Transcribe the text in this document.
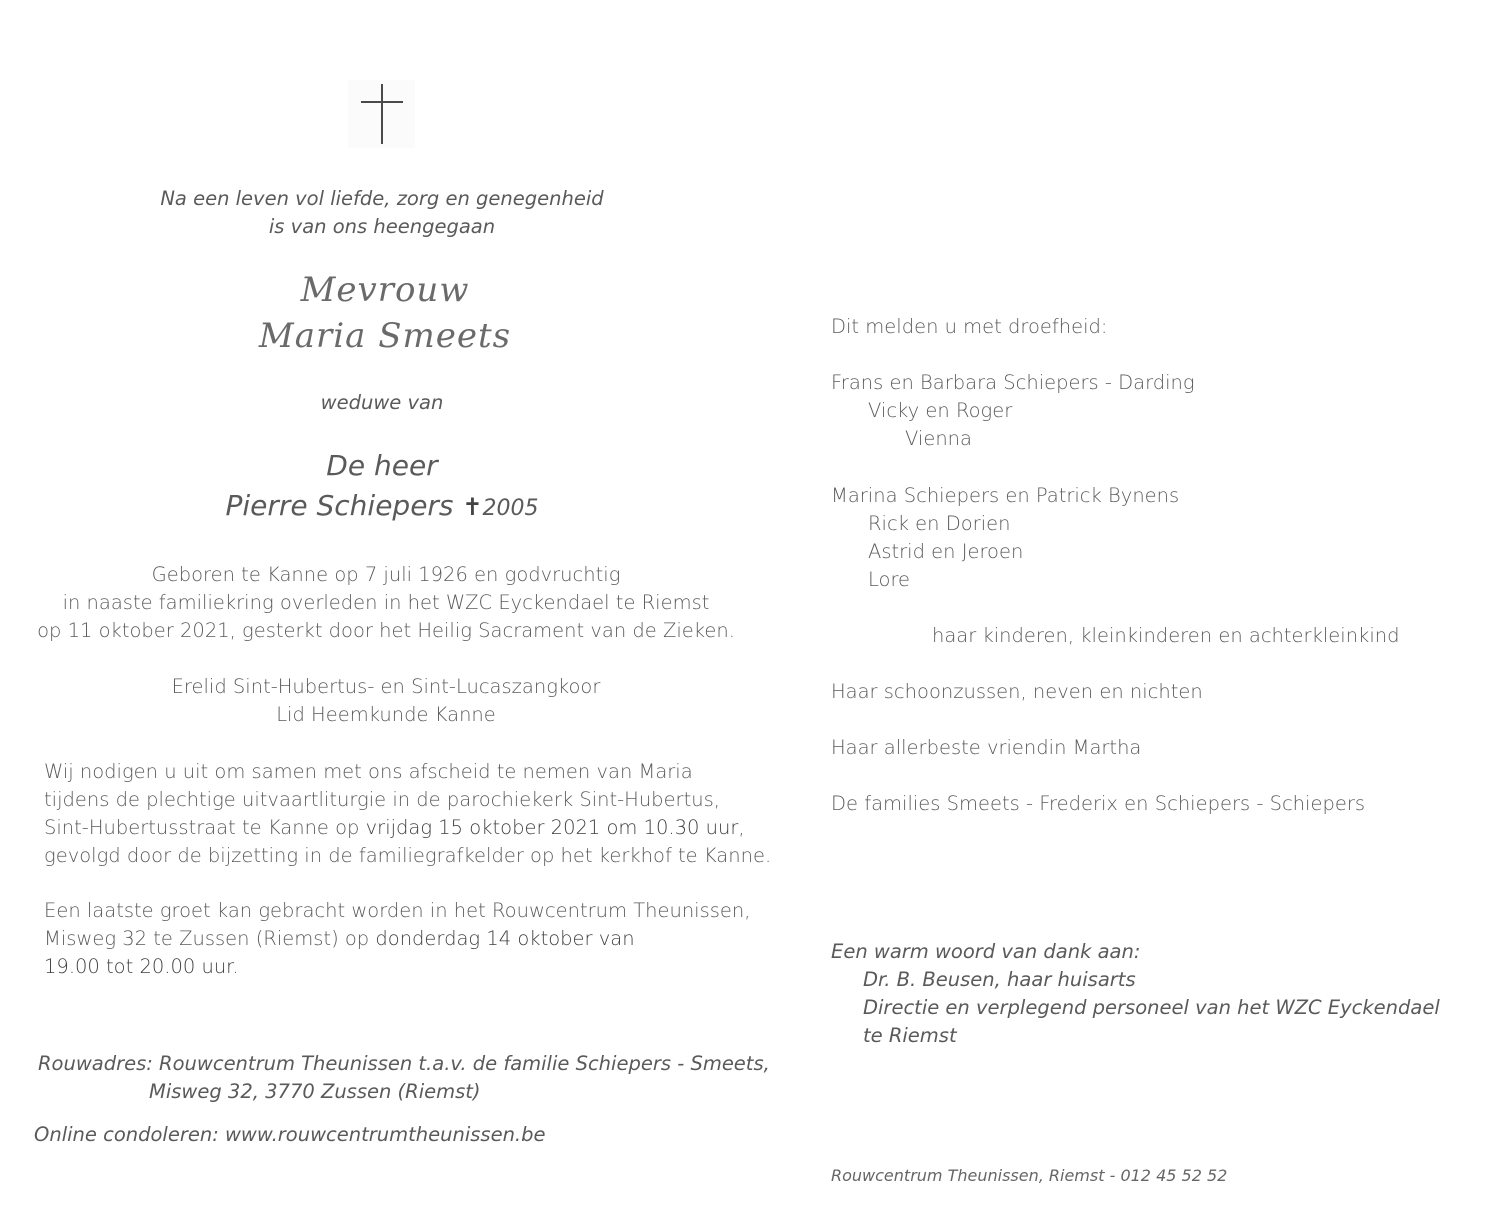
Na een leven vol liefde, zorg en genegenheid
is van ons heengegaan
Mevrouw
Maria Smeets
weduwe van
De heer
Pierre Schiepers ✝2005
Geboren te Kanne op 7 juli 1926 en godvruchtig
in naaste familiekring overleden in het WZC Eyckendael te Riemst
op 11 oktober 2021, gesterkt door het Heilig Sacrament van de Zieken.
Erelid Sint-Hubertus- en Sint-Lucaszangkoor
Lid Heemkunde Kanne
Wij nodigen u uit om samen met ons afscheid te nemen van Maria
tijdens de plechtige uitvaartliturgie in de parochiekerk Sint-Hubertus,
Sint-Hubertusstraat te Kanne op vrijdag 15 oktober 2021 om 10.30 uur,
gevolgd door de bijzetting in de familiegrafkelder op het kerkhof te Kanne.
Een laatste groet kan gebracht worden in het Rouwcentrum Theunissen,
Misweg 32 te Zussen (Riemst) op donderdag 14 oktober van
19.00 tot 20.00 uur.
Rouwadres: Rouwcentrum Theunissen t.a.v. de familie Schiepers - Smeets,
Misweg 32, 3770 Zussen (Riemst)
Online condoleren: www.rouwcentrumtheunissen.be
Dit melden u met droefheid:
Frans en Barbara Schiepers - Darding
Vicky en Roger
Vienna
Marina Schiepers en Patrick Bynens
Rick en Dorien
Astrid en Jeroen
Lore
haar kinderen, kleinkinderen en achterkleinkind
Haar schoonzussen, neven en nichten
Haar allerbeste vriendin Martha
De families Smeets - Frederix en Schiepers - Schiepers
Een warm woord van dank aan:
Dr. B. Beusen, haar huisarts
Directie en verplegend personeel van het WZC Eyckendael
te Riemst
Rouwcentrum Theunissen, Riemst - 012 45 52 52
